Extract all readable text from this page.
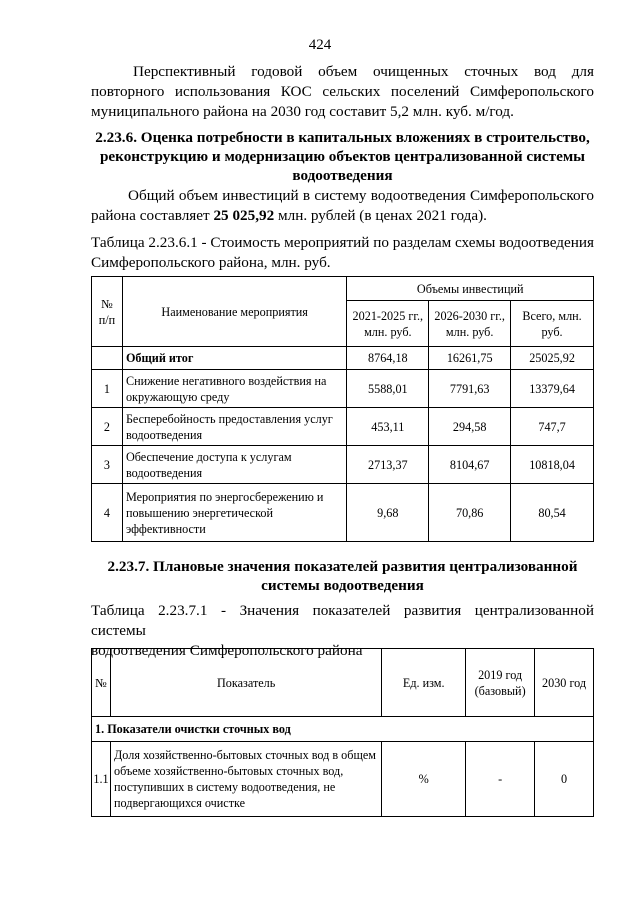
424
Перспективный годовой объем очищенных сточных вод для
повторного использования КОС сельских поселений Симферопольского
муниципального района на 2030 год составит 5,2 млн. куб. м/год.
2.23.6. Оценка потребности в капитальных вложениях в строительство,
реконструкцию и модернизацию объектов централизованной системы
водоотведения
Общий объем инвестиций в систему водоотведения Симферопольского
района составляет 25 025,92 млн. рублей (в ценах 2021 года).
Таблица 2.23.6.1 - Стоимость мероприятий по разделам схемы водоотведения
Симферопольского района, млн. руб.
№ п/п	Наименование мероприятия	Объемы инвестиций		
		2021-2025 гг., млн. руб.	2026-2030 гг., млн. руб.	Всего, млн. руб.
	Общий итог	8764,18	16261,75	25025,92
1	Снижение негативного воздействия на окружающую среду	5588,01	7791,63	13379,64
2	Бесперебойность предоставления услуг водоотведения	453,11	294,58	747,7
3	Обеспечение доступа к услугам водоотведения	2713,37	8104,67	10818,04
4	Мероприятия по энергосбережению и повышению энергетической эффективности	9,68	70,86	80,54
2.23.7. Плановые значения показателей развития централизованной
системы водоотведения
Таблица 2.23.7.1 - Значения показателей развития централизованной системы
водоотведения Симферопольского района
№	Показатель	Ед. изм.	2019 год (базовый)	2030 год
1. Показатели очистки сточных вод				
1.1	Доля хозяйственно-бытовых сточных вод в общем объеме хозяйственно-бытовых сточных вод, поступивших в систему водоотведения, не подвергающихся очистке	%	-	0
